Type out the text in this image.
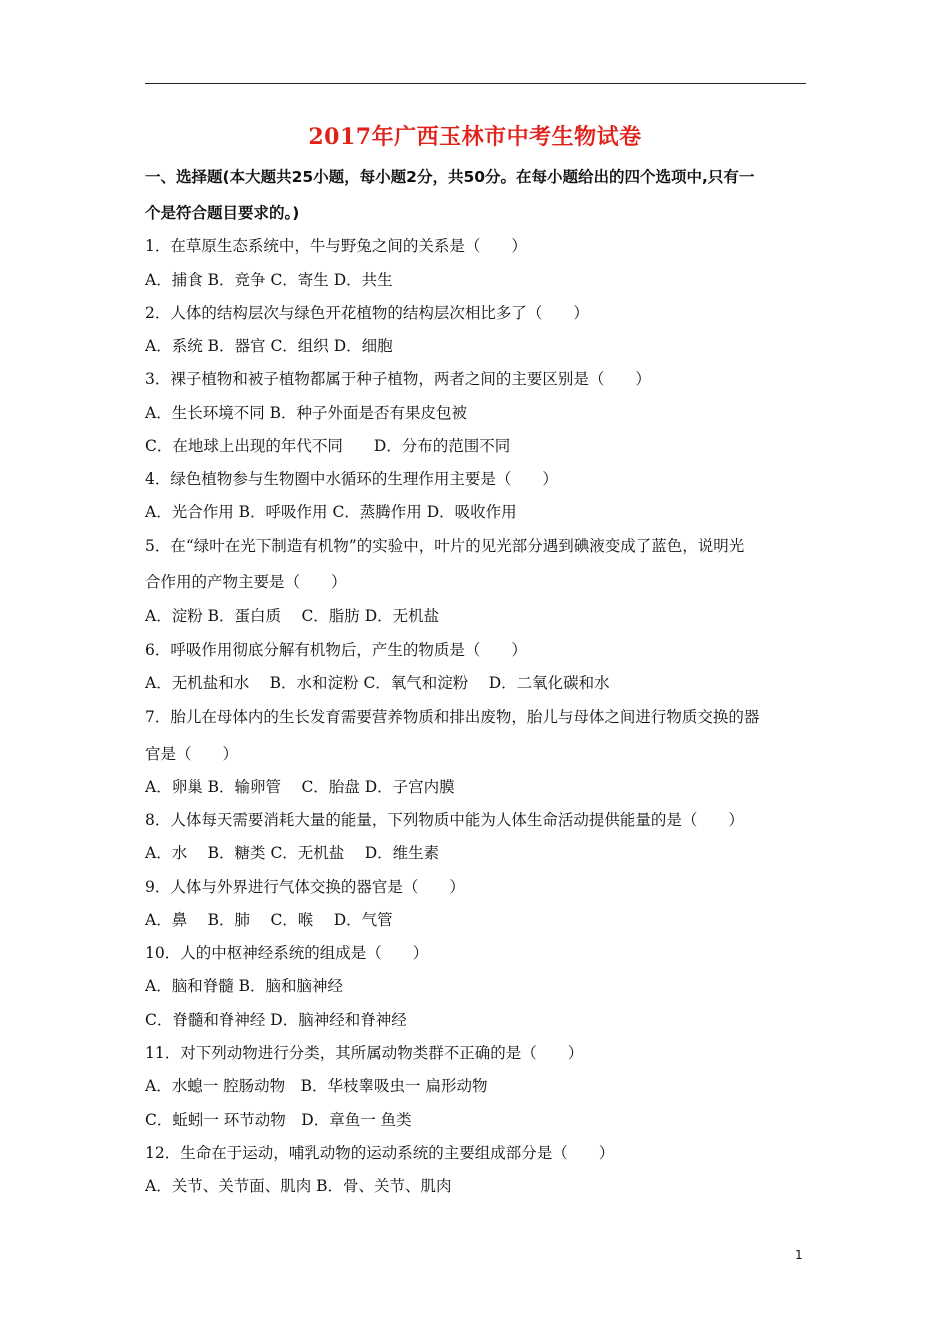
2017年广西玉林市中考生物试卷
一、选择题(本大题共25小题，每小题2分，共50分。在每小题给出的四个选项中,只有一
个是符合题目要求的。)
1．在草原生态系统中，牛与野兔之间的关系是（　　）
A．捕食 B．竞争 C．寄生 D．共生
2．人体的结构层次与绿色开花植物的结构层次相比多了（　　）
A．系统 B．器官 C．组织 D．细胞
3．裸子植物和被子植物都属于种子植物，两者之间的主要区别是（　　）
A．生长环境不同 B．种子外面是否有果皮包被
C．在地球上出现的年代不同　　D．分布的范围不同
4．绿色植物参与生物圈中水循环的生理作用主要是（　　）
A．光合作用 B．呼吸作用 C．蒸腾作用 D．吸收作用
5．在“绿叶在光下制造有机物”的实验中，叶片的见光部分遇到碘液变成了蓝色，说明光
合作用的产物主要是（　　）
A．淀粉 B．蛋白质　 C．脂肪 D．无机盐
6．呼吸作用彻底分解有机物后，产生的物质是（　　）
A．无机盐和水　 B．水和淀粉 C．氧气和淀粉　 D．二氧化碳和水
7．胎儿在母体内的生长发育需要营养物质和排出废物，胎儿与母体之间进行物质交换的器
官是（　　）
A．卵巢 B．输卵管　 C．胎盘 D．子宫内膜
8．人体每天需要消耗大量的能量，下列物质中能为人体生命活动提供能量的是（　　）
A．水　 B．糖类 C．无机盐　 D．维生素
9．人体与外界进行气体交换的器官是（　　）
A．鼻　 B．肺　 C．喉　 D．气管
10．人的中枢神经系统的组成是（　　）
A．脑和脊髓 B．脑和脑神经
C．脊髓和脊神经 D．脑神经和脊神经
11．对下列动物进行分类，其所属动物类群不正确的是（　　）
A．水螅一 腔肠动物　B．华枝睾吸虫一 扁形动物
C．蚯蚓一 环节动物　D．章鱼一 鱼类
12．生命在于运动，哺乳动物的运动系统的主要组成部分是（　　）
A．关节、关节面、肌肉 B．骨、关节、肌肉
1
